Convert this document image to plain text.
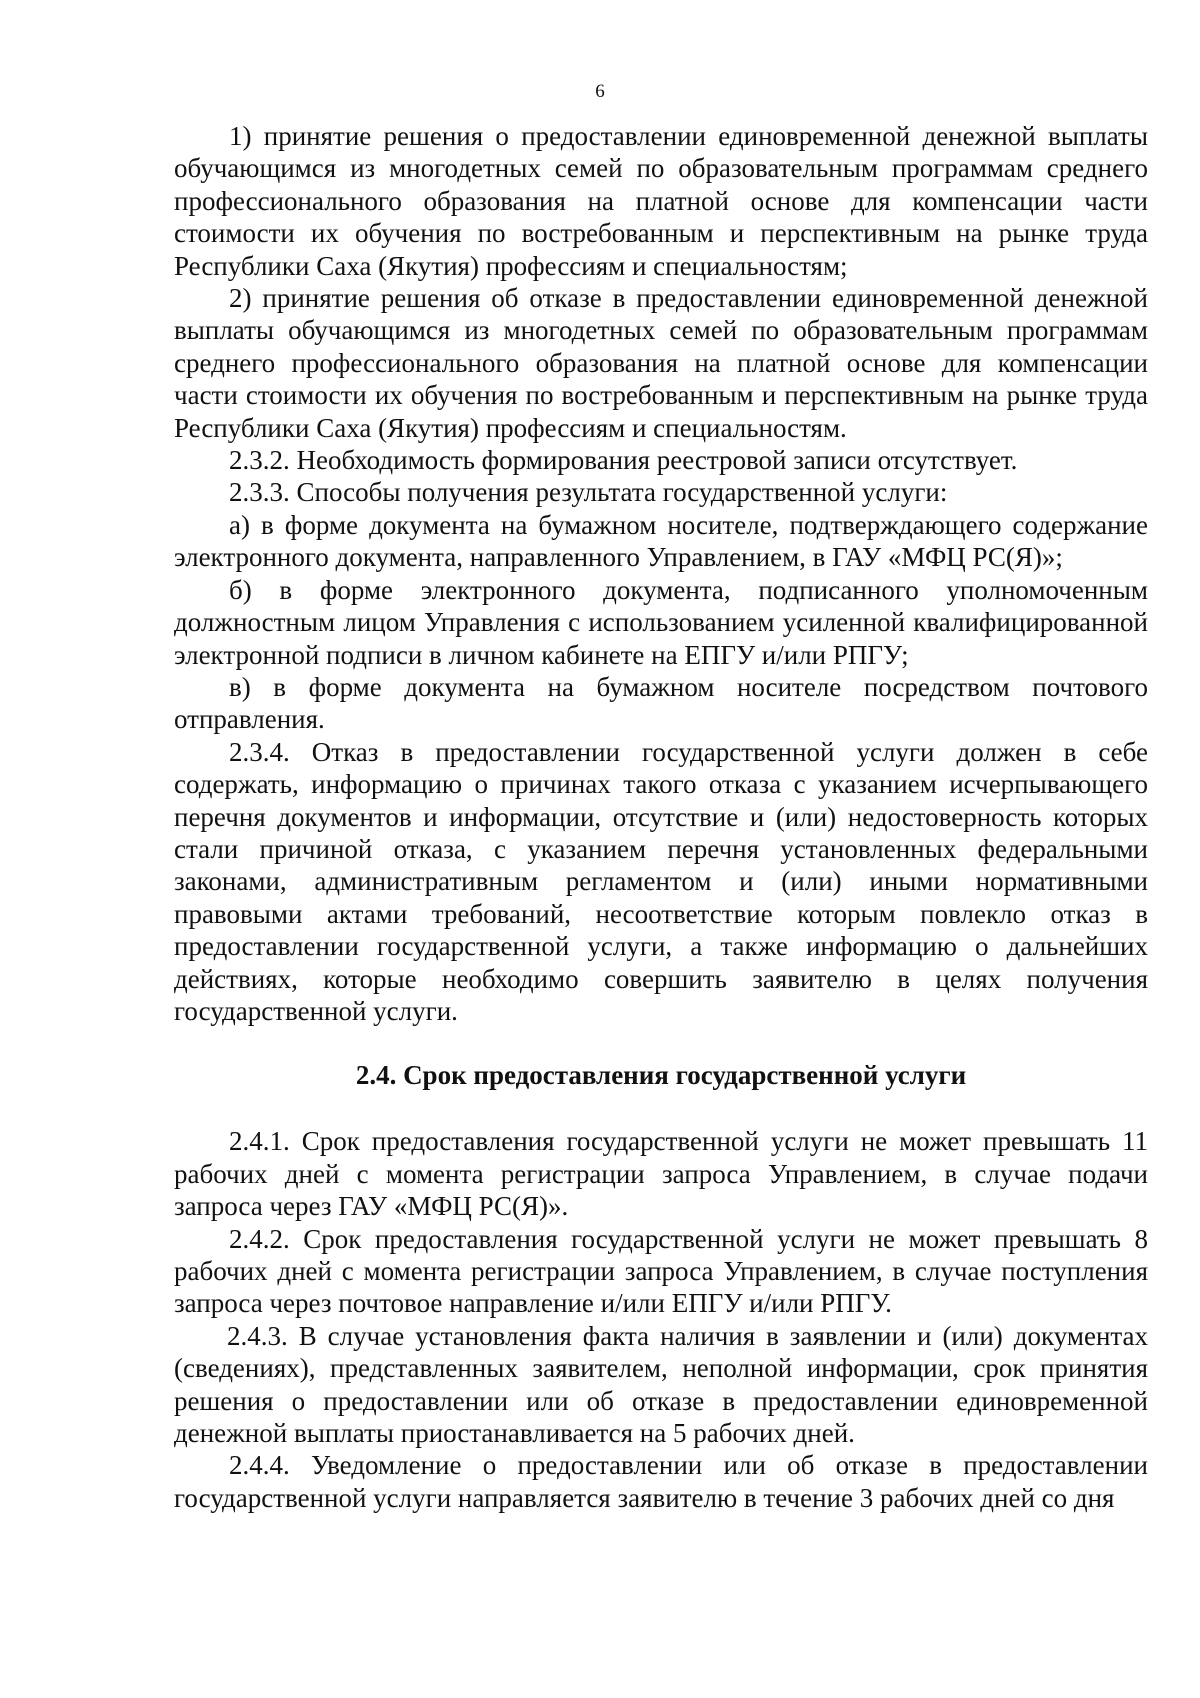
6

1) принятие решения о предоставлении единовременной денежной выплаты обучающимся из многодетных семей по образовательным программам среднего профессионального образования на платной основе для компенсации части стоимости их обучения по востребованным и перспективным на рынке труда Республики Саха (Якутия) профессиям и специальностям;

2) принятие решения об отказе в предоставлении единовременной денежной выплаты обучающимся из многодетных семей по образовательным программам среднего профессионального образования на платной основе для компенсации части стоимости их обучения по востребованным и перспективным на рынке труда Республики Саха (Якутия) профессиям и специальностям.

2.3.2. Необходимость формирования реестровой записи отсутствует.

2.3.3. Способы получения результата государственной услуги:

а) в форме документа на бумажном носителе, подтверждающего содержание электронного документа, направленного Управлением, в ГАУ «МФЦ РС(Я)»;

б) в форме электронного документа, подписанного уполномоченным должностным лицом Управления с использованием усиленной квалифицированной электронной подписи в личном кабинете на ЕПГУ и/или РПГУ;

в) в форме документа на бумажном носителе посредством почтового отправления.

2.3.4. Отказ в предоставлении государственной услуги должен в себе содержать, информацию о причинах такого отказа с указанием исчерпывающего перечня документов и информации, отсутствие и (или) недостоверность которых стали причиной отказа, с указанием перечня установленных федеральными законами, административным регламентом и (или) иными нормативными правовыми актами требований, несоответствие которым повлекло отказ в предоставлении государственной услуги, а также информацию о дальнейших действиях, которые необходимо совершить заявителю в целях получения государственной услуги.

2.4. Срок предоставления государственной услуги

2.4.1. Срок предоставления государственной услуги не может превышать 11 рабочих дней с момента регистрации запроса Управлением, в случае подачи запроса через ГАУ «МФЦ РС(Я)».

2.4.2. Срок предоставления государственной услуги не может превышать 8 рабочих дней с момента регистрации запроса Управлением, в случае поступления запроса через почтовое направление и/или ЕПГУ и/или РПГУ.

2.4.3. В случае установления факта наличия в заявлении и (или) документах (сведениях), представленных заявителем, неполной информации, срок принятия решения о предоставлении или об отказе в предоставлении единовременной денежной выплаты приостанавливается на 5 рабочих дней.

2.4.4. Уведомление о предоставлении или об отказе в предоставлении государственной услуги направляется заявителю в течение 3 рабочих дней со дня
